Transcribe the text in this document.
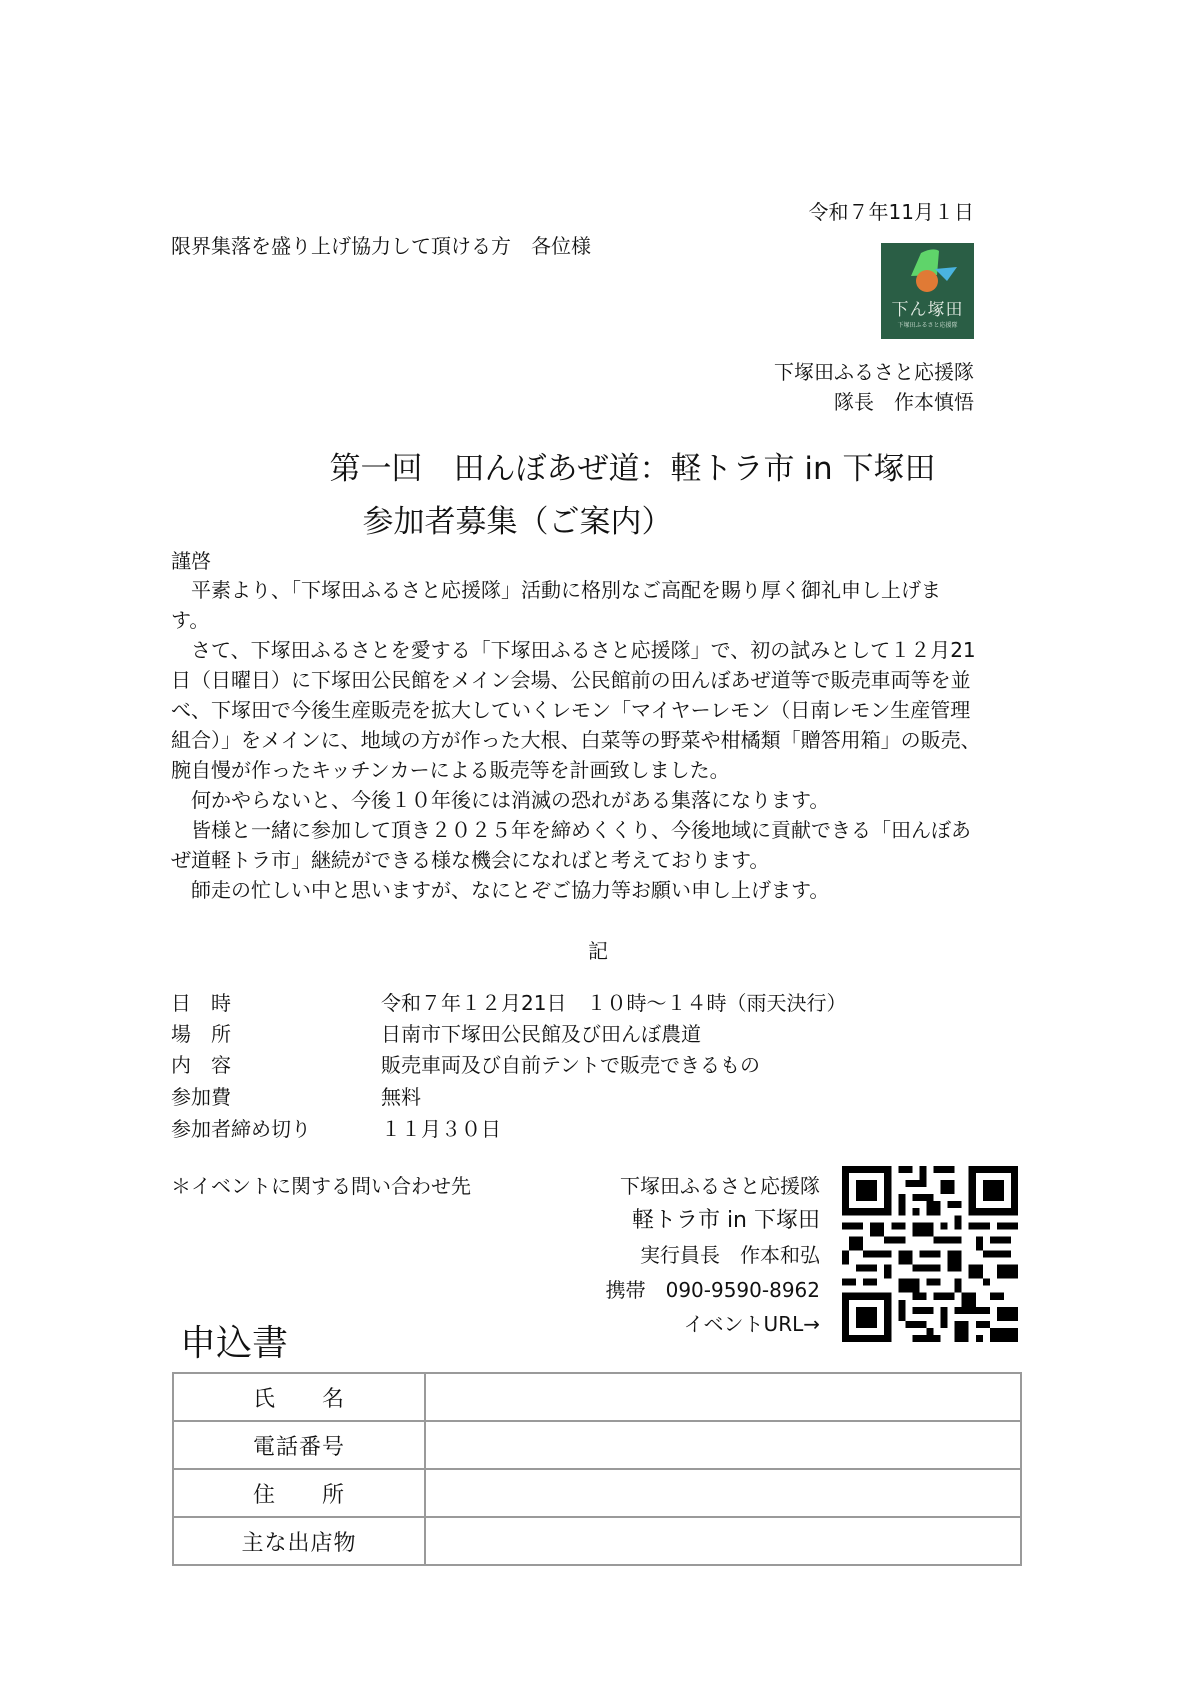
令和７年11月１日
限界集落を盛り上げ協力して頂ける方　各位様
下ん塚田
下塚田ふるさと応援隊
下塚田ふるさと応援隊
隊長　作本慎悟
第一回　田んぼあぜ道：軽トラ市 in 下塚田
参加者募集（ご案内）
謹啓
　平素より、「下塚田ふるさと応援隊」活動に格別なご高配を賜り厚く御礼申し上げま
す。
　さて、下塚田ふるさとを愛する「下塚田ふるさと応援隊」で、初の試みとして１２月21
日（日曜日）に下塚田公民館をメイン会場、公民館前の田んぼあぜ道等で販売車両等を並
べ、下塚田で今後生産販売を拡大していくレモン「マイヤーレモン（日南レモン生産管理
組合）」をメインに、地域の方が作った大根、白菜等の野菜や柑橘類「贈答用箱」の販売、
腕自慢が作ったキッチンカーによる販売等を計画致しました。
　何かやらないと、今後１０年後には消滅の恐れがある集落になります。
　皆様と一緒に参加して頂き２０２５年を締めくくり、今後地域に貢献できる「田んぼあ
ぜ道軽トラ市」継続ができる様な機会になればと考えております。
　師走の忙しい中と思いますが、なにとぞご協力等お願い申し上げます。
記
日　時	令和７年１２月21日　１０時〜１４時（雨天決行）
場　所	日南市下塚田公民館及び田んぼ農道
内　容	販売車両及び自前テントで販売できるもの
参加費	無料
参加者締め切り	１１月３０日
＊イベントに関する問い合わせ先	下塚田ふるさと応援隊
軽トラ市 in 下塚田
実行員長　作本和弘
携帯　090-9590-8962
イベントURL→
申込書
氏　　名	
電話番号	
住　　所	
主な出店物	
